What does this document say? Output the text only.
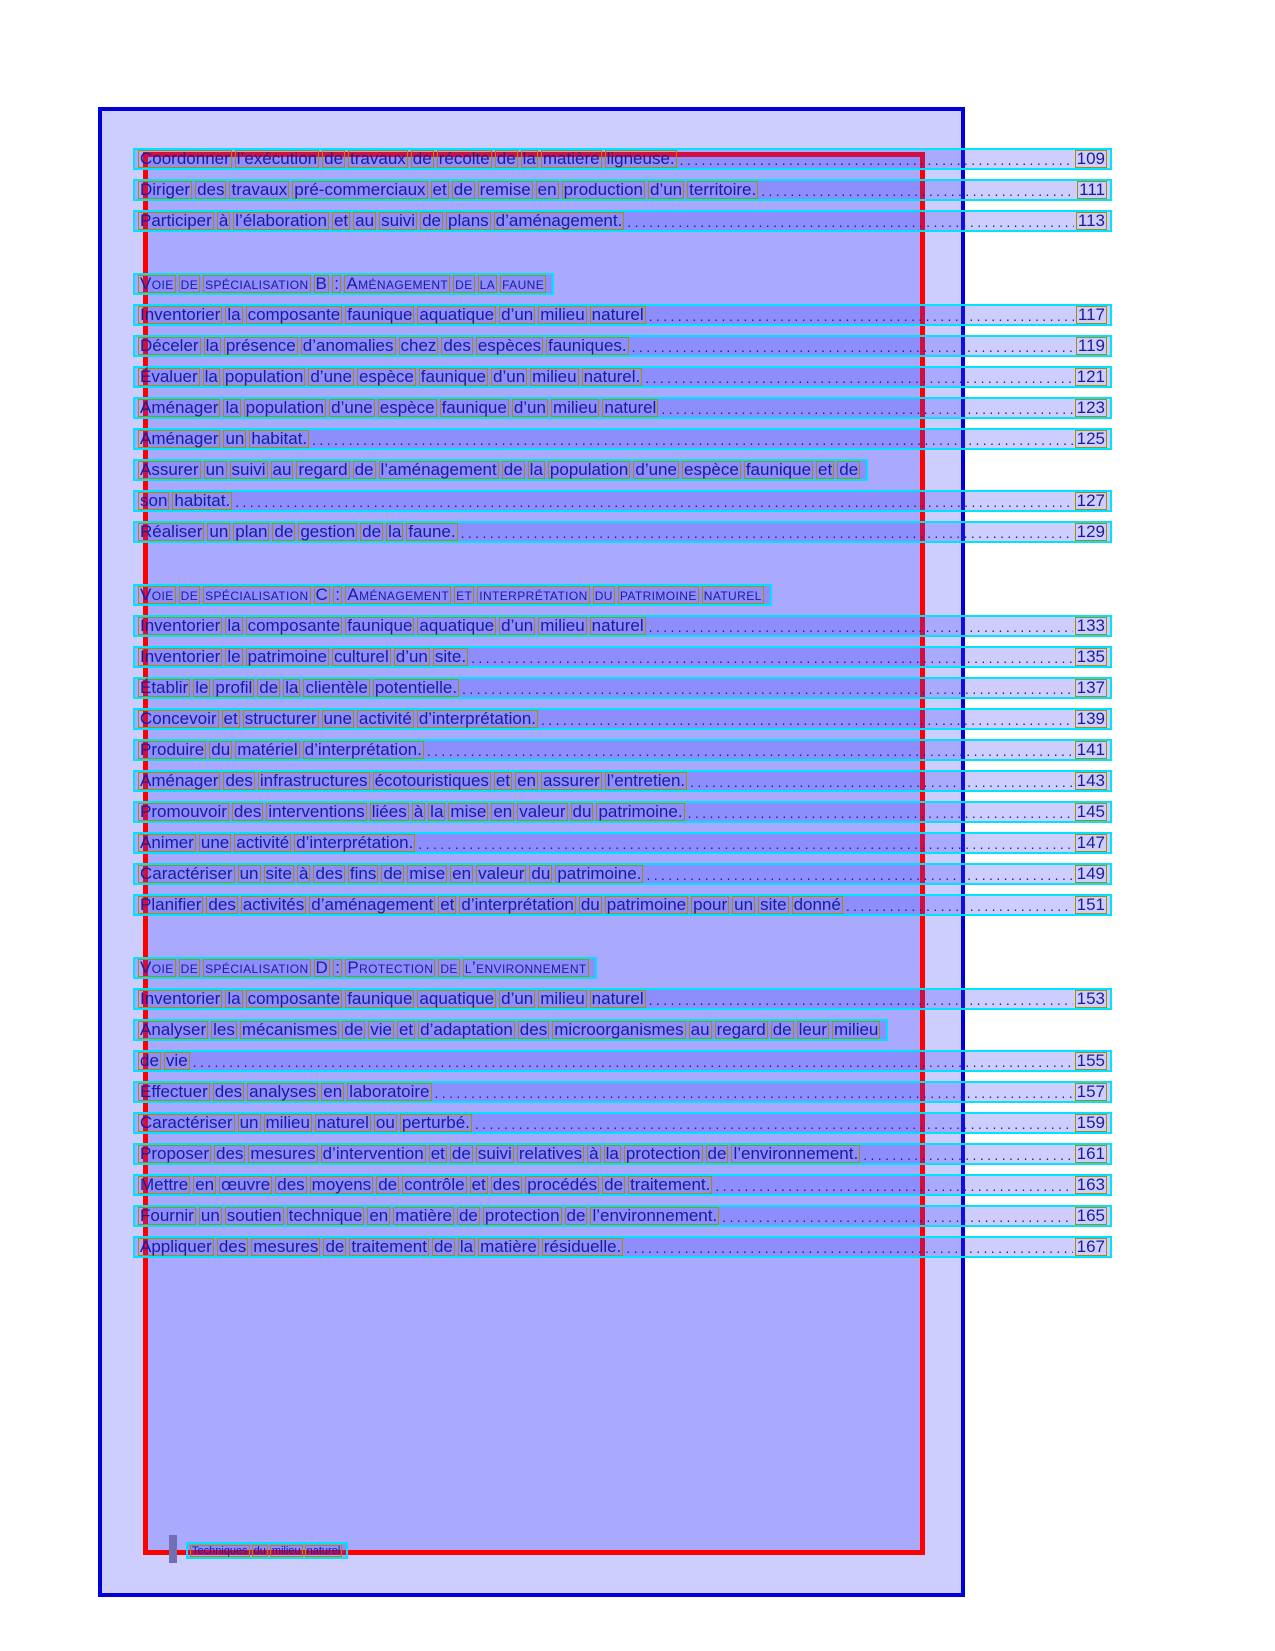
Coordonner l’exécution de travaux de récolte de la matière ligneuse. .....	109
Diriger des travaux pré-commerciaux et de remise en production d’un territoire. .....	111
Participer à l’élaboration et au suivi de plans d’aménagement. .....	113
Voie de spécialisation B : Aménagement de la faune
Inventorier la composante faunique aquatique d’un milieu naturel .....	117
Déceler la présence d’anomalies chez des espèces fauniques. .....	119
Évaluer la population d’une espèce faunique d’un milieu naturel. .....	121
Aménager la population d’une espèce faunique d’un milieu naturel .....	123
Aménager un habitat. .....	125
Assurer un suivi au regard de l’aménagement de la population d’une espèce faunique et de
son habitat. .....	127
Réaliser un plan de gestion de la faune. .....	129
Voie de spécialisation C : Aménagement et interprétation du patrimoine naturel
Inventorier la composante faunique aquatique d’un milieu naturel .....	133
Inventorier le patrimoine culturel d’un site. .....	135
Établir le profil de la clientèle potentielle. .....	137
Concevoir et structurer une activité d’interprétation. .....	139
Produire du matériel d’interprétation. .....	141
Aménager des infrastructures écotouristiques et en assurer l’entretien. .....	143
Promouvoir des interventions liées à la mise en valeur du patrimoine. .....	145
Animer une activité d’interprétation. .....	147
Caractériser un site à des fins de mise en valeur du patrimoine. .....	149
Planifier des activités d’aménagement et d’interprétation du patrimoine pour un site donné .....	151
Voie de spécialisation D : Protection de l’environnement
Inventorier la composante faunique aquatique d’un milieu naturel .....	153
Analyser les mécanismes de vie et d’adaptation des microorganismes au regard de leur milieu
de vie .....	155
Effectuer des analyses en laboratoire .....	157
Caractériser un milieu naturel ou perturbé. .....	159
Proposer des mesures d’intervention et de suivi relatives à la protection de l’environnement. .....	161
Mettre en œuvre des moyens de contrôle et des procédés de traitement. .....	163
Fournir un soutien technique en matière de protection de l’environnement. .....	165
Appliquer des mesures de traitement de la matière résiduelle. .....	167
Techniques du milieu naturel
